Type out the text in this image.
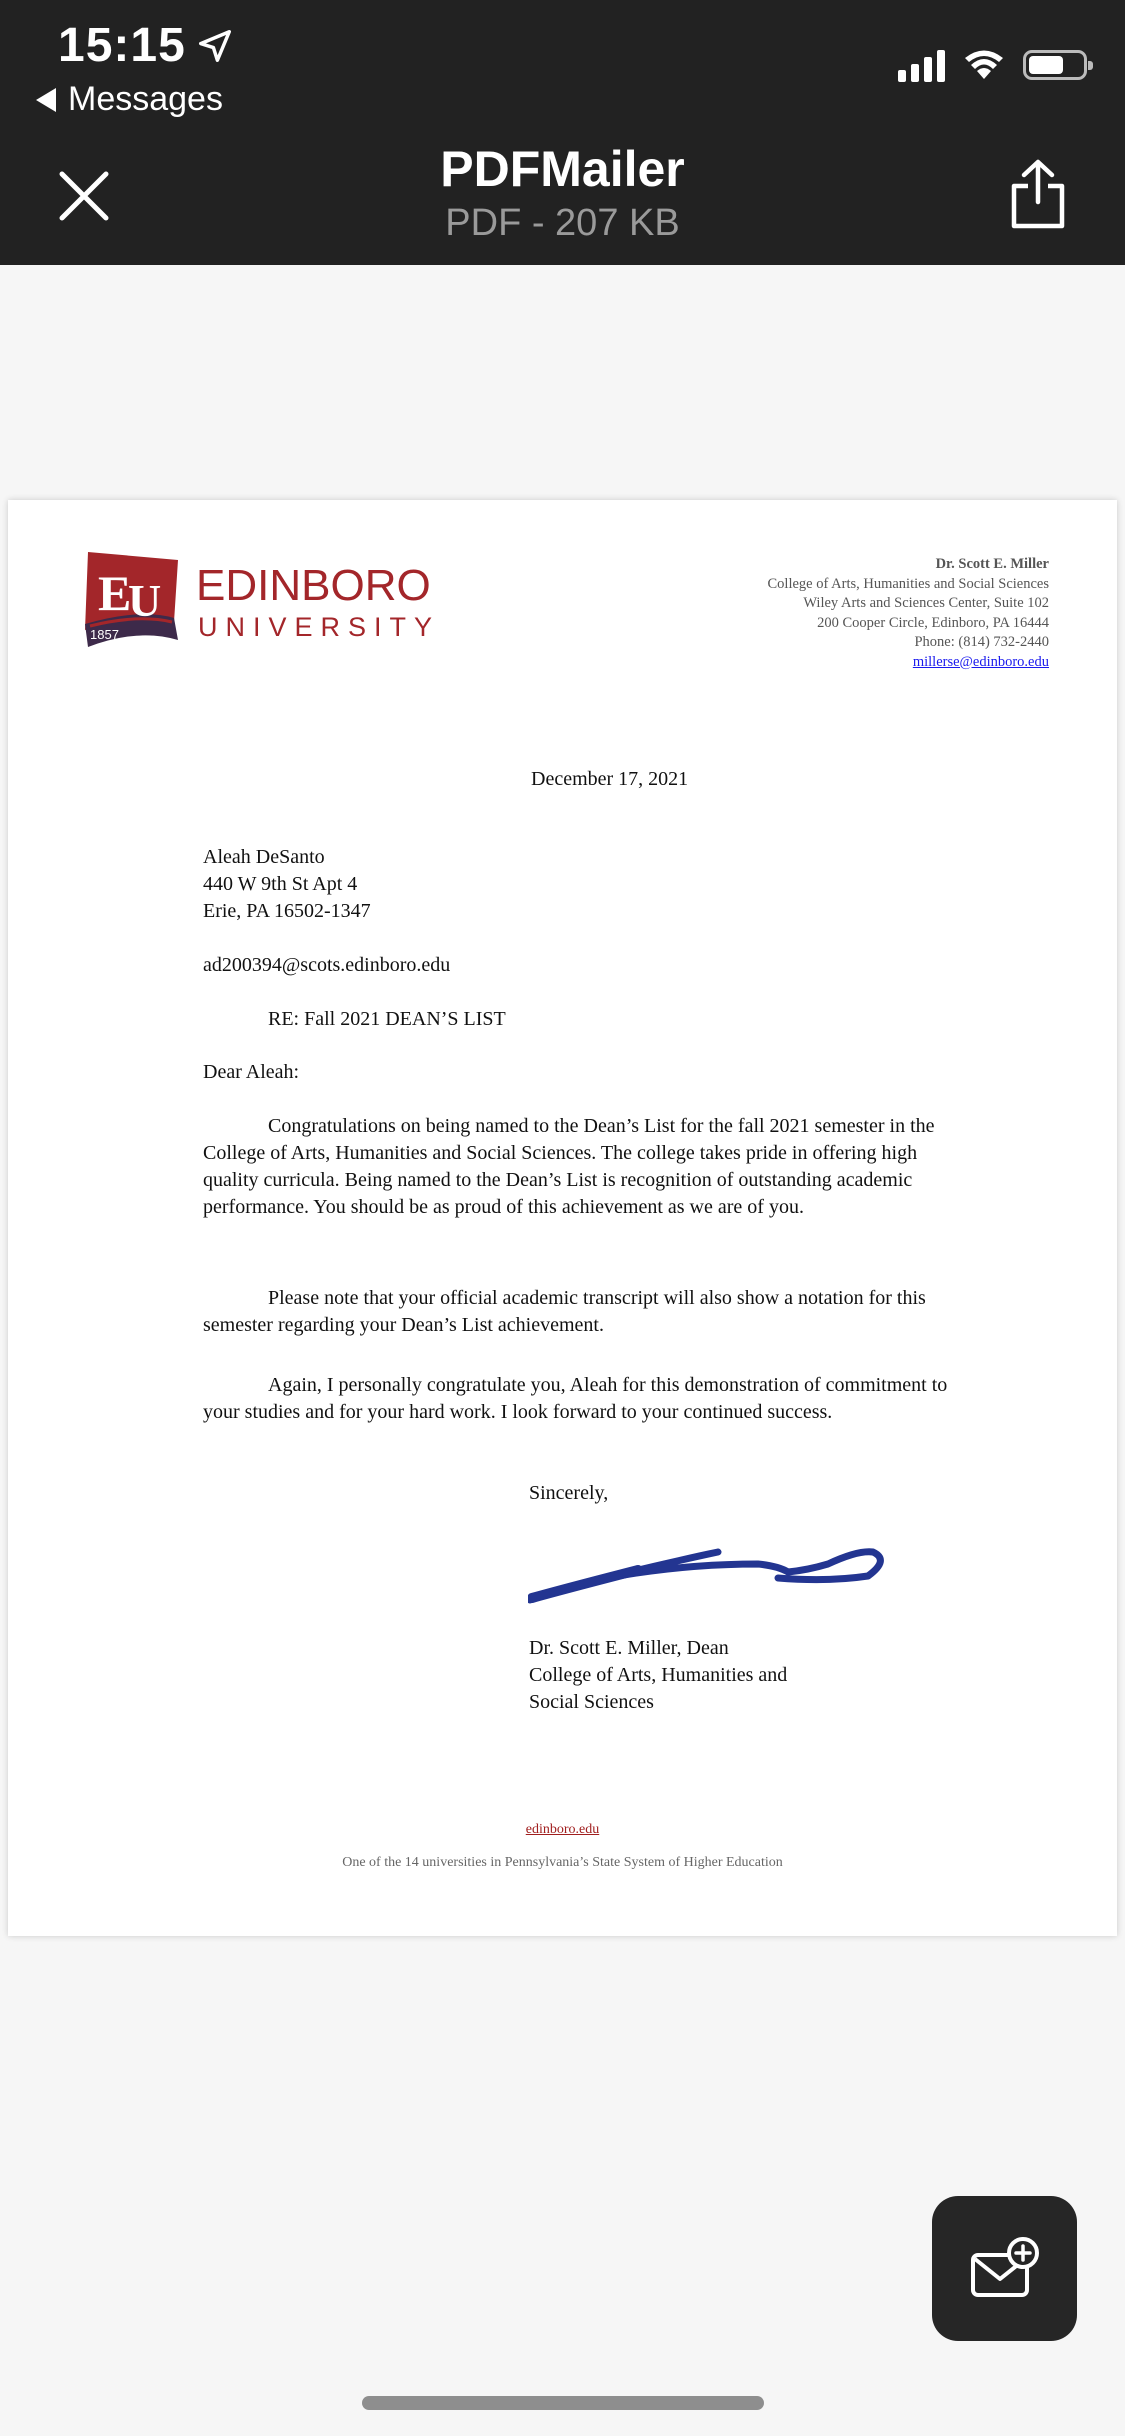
15:15
Messages
PDFMailer
PDF - 207 KB
E
U
1857
EDINBORO
UNIVERSITY
Dr. Scott E. Miller
College of Arts, Humanities and Social Sciences
Wiley Arts and Sciences Center, Suite 102
200 Cooper Circle, Edinboro, PA 16444
Phone: (814) 732-2440
millerse@edinboro.edu
December 17, 2021
Aleah DeSanto
440 W 9th St Apt 4
Erie, PA 16502-1347
ad200394@scots.edinboro.edu
RE: Fall 2021 DEAN’S LIST
Dear Aleah:

Congratulations on being named to the Dean’s List for the fall 2021 semester in the College of Arts, Humanities and Social Sciences. The college takes pride in offering high quality curricula. Being named to the Dean’s List is recognition of outstanding academic performance. You should be as proud of this achievement as we are of you.

Please note that your official academic transcript will also show a notation for this semester regarding your Dean’s List achievement.

Again, I personally congratulate you, Aleah for this demonstration of commitment to your studies and for your hard work. I look forward to your continued success.

Sincerely,
Dr. Scott E. Miller, Dean
College of Arts, Humanities and
Social Sciences
edinboro.edu
One of the 14 universities in Pennsylvania’s State System of Higher Education
